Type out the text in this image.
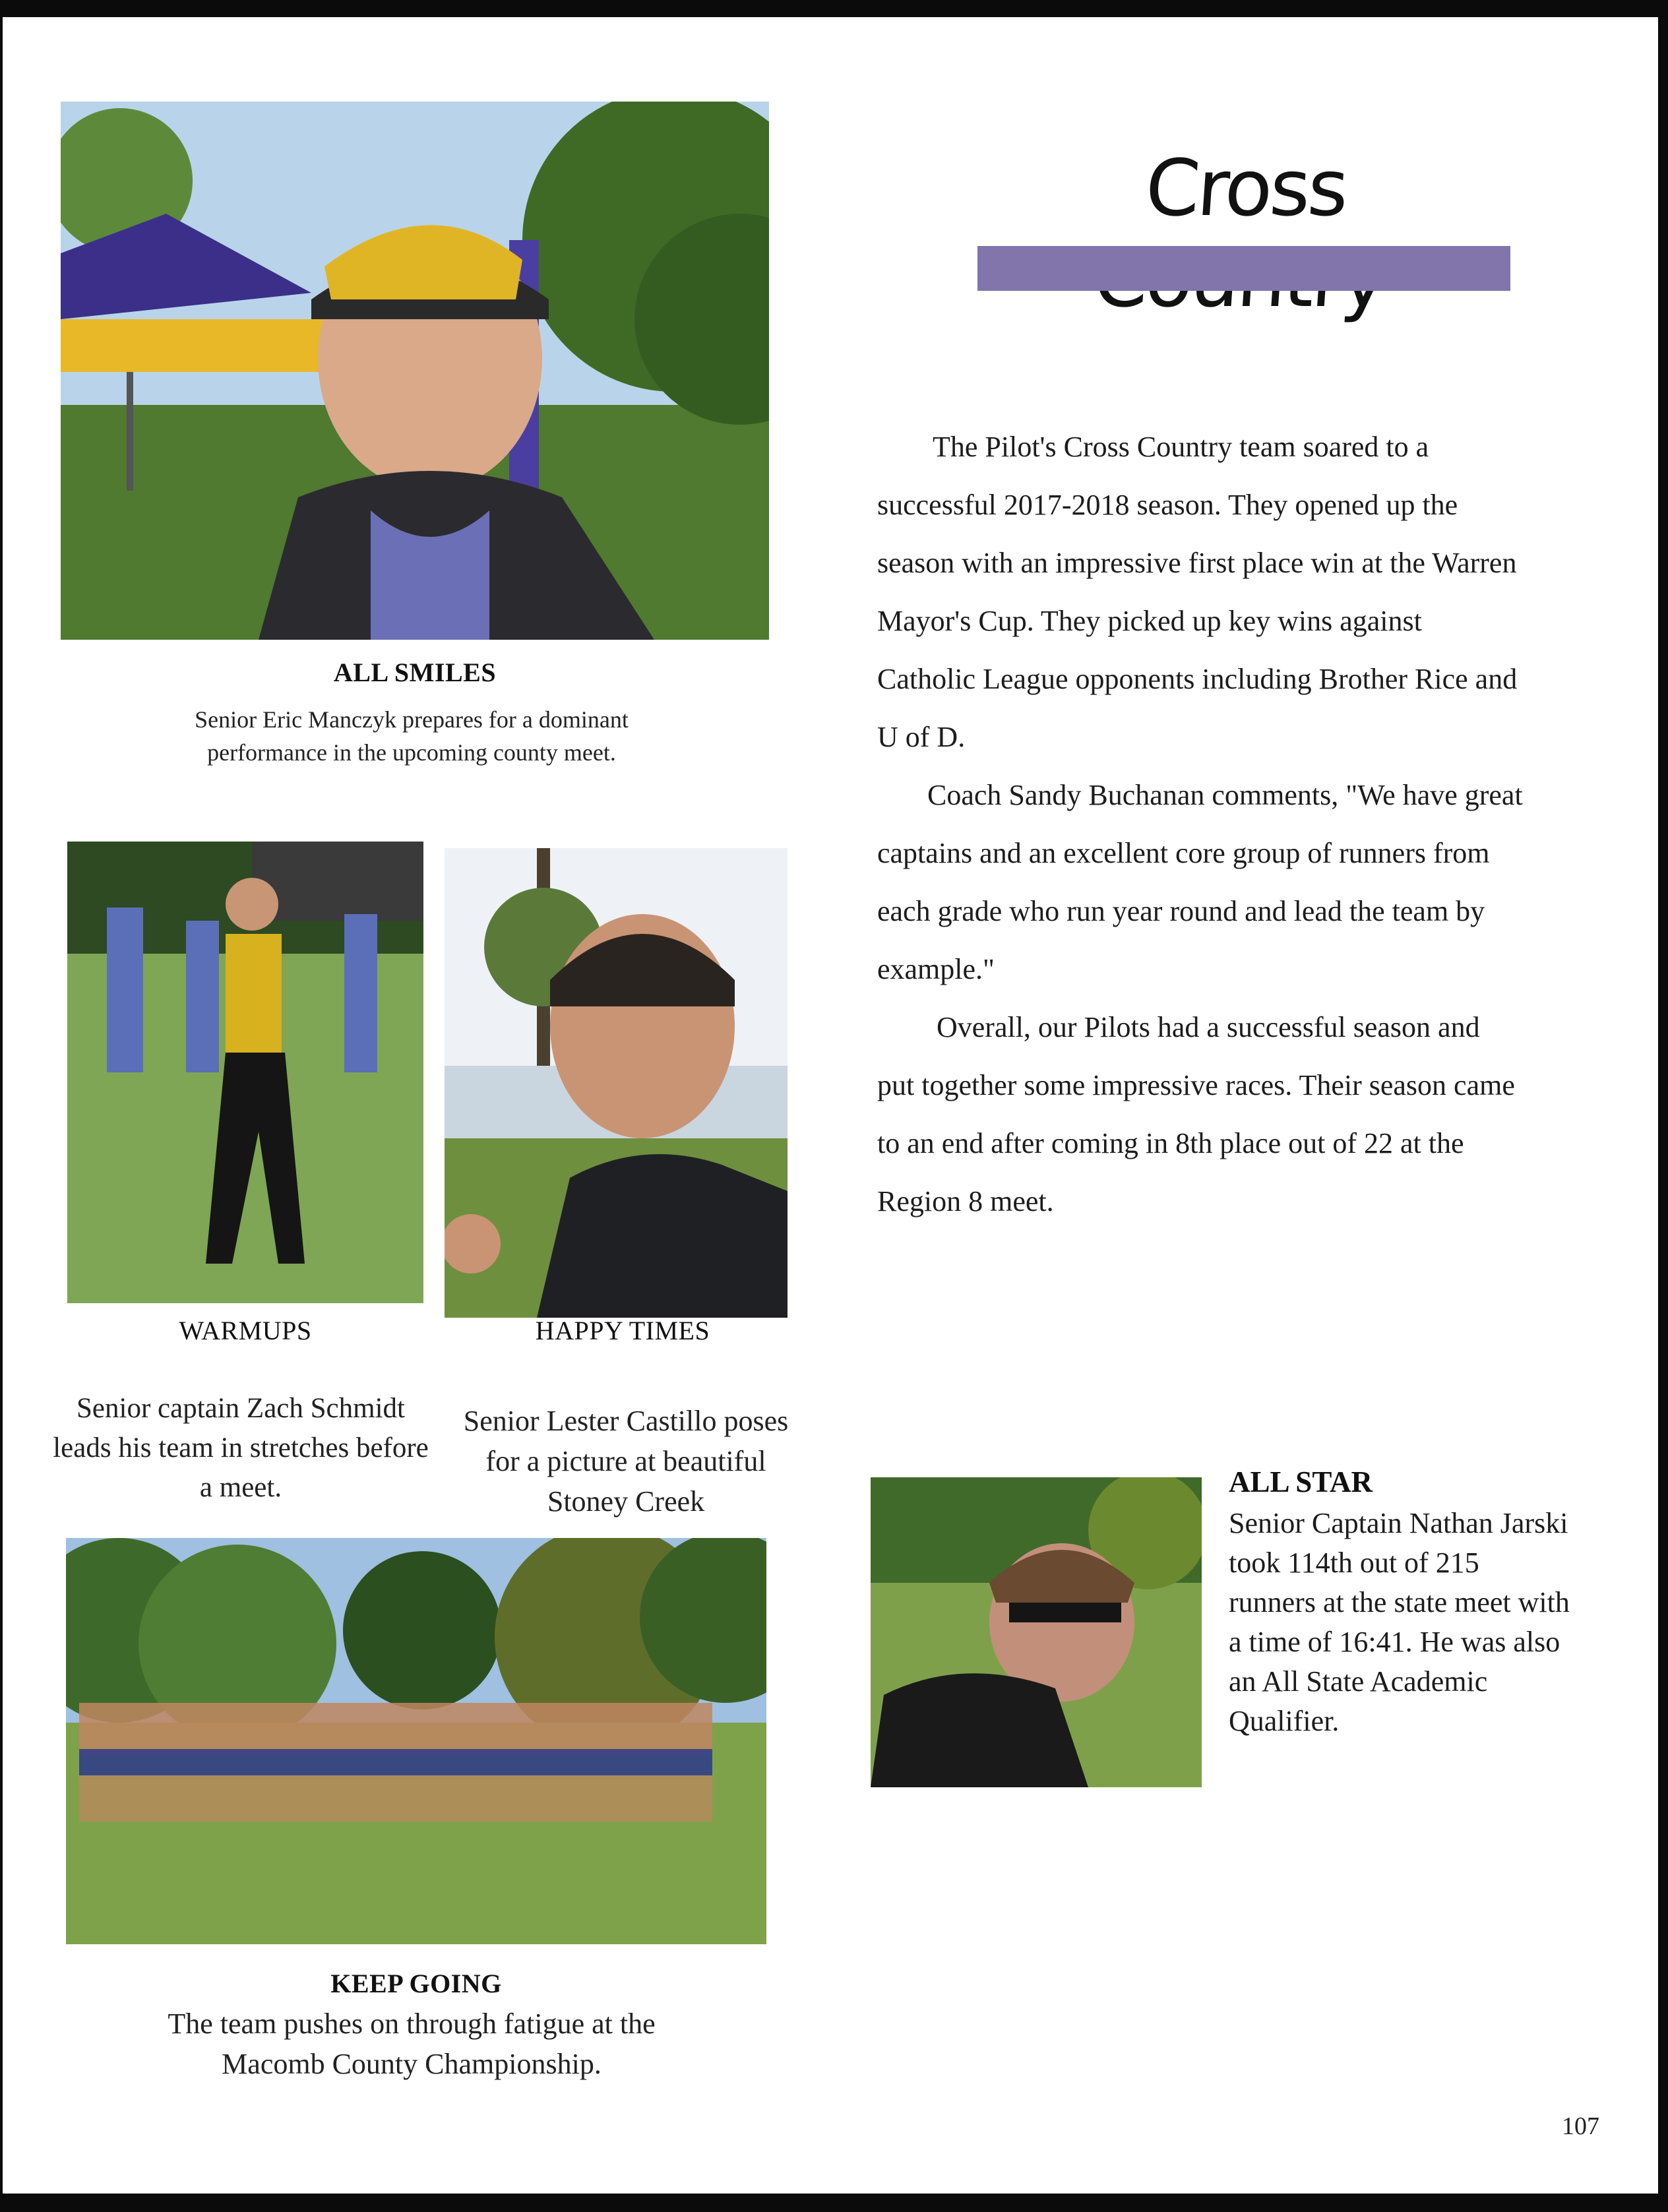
ALL SMILES
Senior Eric Manczyk prepares for a dominant performance in the upcoming county meet.
Cross

The Pilot's Cross Country team soared to a successful 2017-2018 season. They opened up the season with an impressive first place win at the Warren Mayor's Cup. They picked up key wins against Catholic League opponents including Brother Rice and U of D.

Coach Sandy Buchanan comments, "We have great captains and an excellent core group of runners from each grade who run year round and lead the team by example."

Overall, our Pilots had a successful season and put together some impressive races. Their season came to an end after coming in 8th place out of 22 at the Region 8 meet.

WARMUPS
Senior captain Zach Schmidt leads his team in stretches before a meet.
HAPPY TIMES
Senior Lester Castillo poses for a picture at beautiful Stoney Creek
KEEP GOING
The team pushes on through fatigue at the Macomb County Championship.
ALL STAR
Senior Captain Nathan Jarski took 114th out of 215 runners at the state meet with a time of 16:41. He was also an All State Academic Qualifier.
107
